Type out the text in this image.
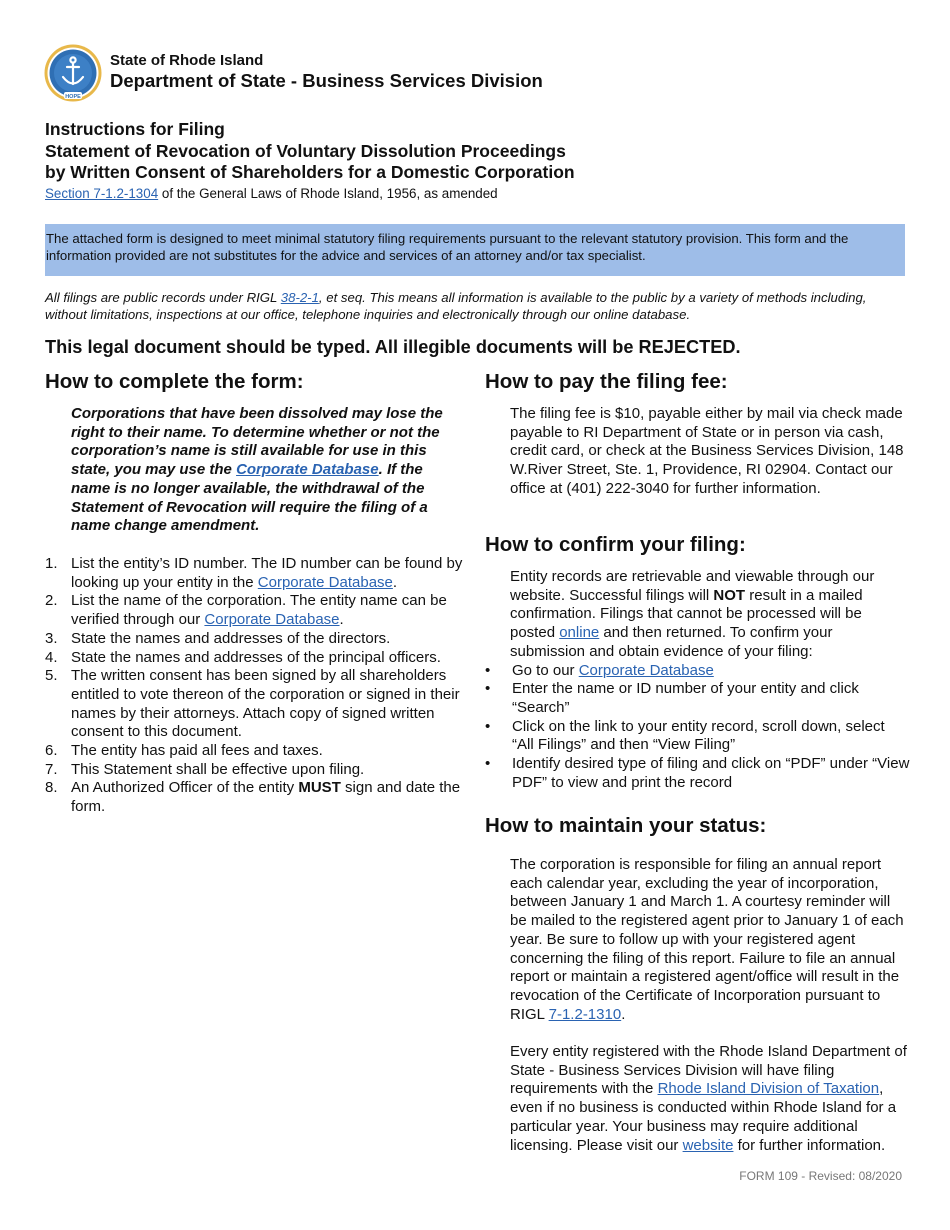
HOPE
State of Rhode Island
Department of State - Business Services Division
Instructions for Filing
Statement of Revocation of Voluntary Dissolution Proceedings
by Written Consent of Shareholders for a Domestic Corporation
Section 7-1.2-1304 of the General Laws of Rhode Island, 1956, as amended
The attached form is designed to meet minimal statutory filing requirements pursuant to the relevant statutory provision. This form and the information provided are not substitutes for the advice and services of an attorney and/or tax specialist.
All filings are public records under RIGL 38-2-1, et seq. This means all information is available to the public by a variety of methods including, without limitations, inspections at our office, telephone inquiries and electronically through our online database.
This legal document should be typed. All illegible documents will be REJECTED.
How to complete the form:
Corporations that have been dissolved may lose the right to their name. To determine whether or not the corporation’s name is still available for use in this state, you may use the Corporate Database. If the name is no longer available, the withdrawal of the Statement of Revocation will require the filing of a name change amendment.
1. List the entity’s ID number. The ID number can be found by looking up your entity in the Corporate Database.
2. List the name of the corporation. The entity name can be verified through our Corporate Database.
3. State the names and addresses of the directors.
4. State the names and addresses of the principal officers.
5. The written consent has been signed by all shareholders entitled to vote thereon of the corporation or signed in their names by their attorneys. Attach copy of signed written consent to this document.
6. The entity has paid all fees and taxes.
7. This Statement shall be effective upon filing.
8. An Authorized Officer of the entity MUST sign and date the form.
How to pay the filing fee:
The filing fee is $10, payable either by mail via check made payable to RI Department of State or in person via cash, credit card, or check at the Business Services Division, 148 W.River Street, Ste. 1, Providence, RI 02904. Contact our office at (401) 222-3040 for further information.
How to confirm your filing:
Entity records are retrievable and viewable through our website. Successful filings will NOT result in a mailed confirmation. Filings that cannot be processed will be posted online and then returned. To confirm your submission and obtain evidence of your filing:
• Go to our Corporate Database
• Enter the name or ID number of your entity and click “Search”
• Click on the link to your entity record, scroll down, select “All Filings” and then “View Filing”
• Identify desired type of filing and click on “PDF” under “View PDF” to view and print the record
How to maintain your status:
The corporation is responsible for filing an annual report each calendar year, excluding the year of incorporation, between January 1 and March 1. A courtesy reminder will be mailed to the registered agent prior to January 1 of each year. Be sure to follow up with your registered agent concerning the filing of this report. Failure to file an annual report or maintain a registered agent/office will result in the revocation of the Certificate of Incorporation pursuant to RIGL 7-1.2-1310.
Every entity registered with the Rhode Island Department of State - Business Services Division will have filing requirements with the Rhode Island Division of Taxation, even if no business is conducted within Rhode Island for a particular year. Your business may require additional licensing. Please visit our website for further information.
FORM 109 - Revised: 08/2020
